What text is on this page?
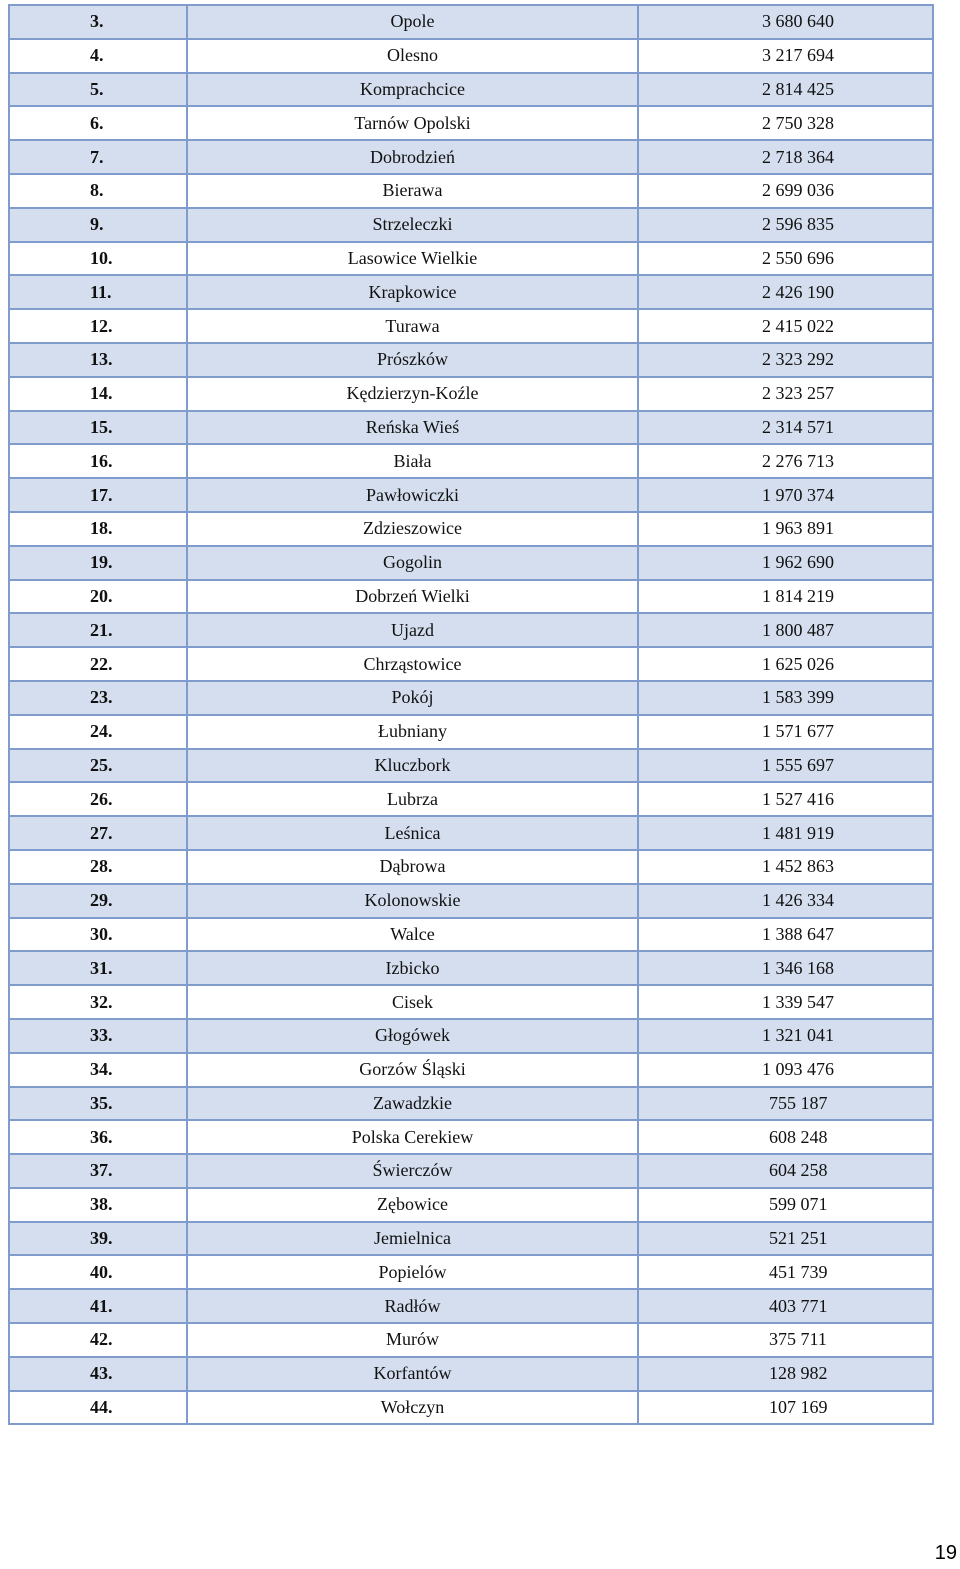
3.	Opole	3 680 640
4.	Olesno	3 217 694
5.	Komprachcice	2 814 425
6.	Tarnów Opolski	2 750 328
7.	Dobrodzień	2 718 364
8.	Bierawa	2 699 036
9.	Strzeleczki	2 596 835
10.	Lasowice Wielkie	2 550 696
11.	Krapkowice	2 426 190
12.	Turawa	2 415 022
13.	Prószków	2 323 292
14.	Kędzierzyn-Koźle	2 323 257
15.	Reńska Wieś	2 314 571
16.	Biała	2 276 713
17.	Pawłowiczki	1 970 374
18.	Zdzieszowice	1 963 891
19.	Gogolin	1 962 690
20.	Dobrzeń Wielki	1 814 219
21.	Ujazd	1 800 487
22.	Chrząstowice	1 625 026
23.	Pokój	1 583 399
24.	Łubniany	1 571 677
25.	Kluczbork	1 555 697
26.	Lubrza	1 527 416
27.	Leśnica	1 481 919
28.	Dąbrowa	1 452 863
29.	Kolonowskie	1 426 334
30.	Walce	1 388 647
31.	Izbicko	1 346 168
32.	Cisek	1 339 547
33.	Głogówek	1 321 041
34.	Gorzów Śląski	1 093 476
35.	Zawadzkie	755 187
36.	Polska Cerekiew	608 248
37.	Świerczów	604 258
38.	Zębowice	599 071
39.	Jemielnica	521 251
40.	Popielów	451 739
41.	Radłów	403 771
42.	Murów	375 711
43.	Korfantów	128 982
44.	Wołczyn	107 169
19
